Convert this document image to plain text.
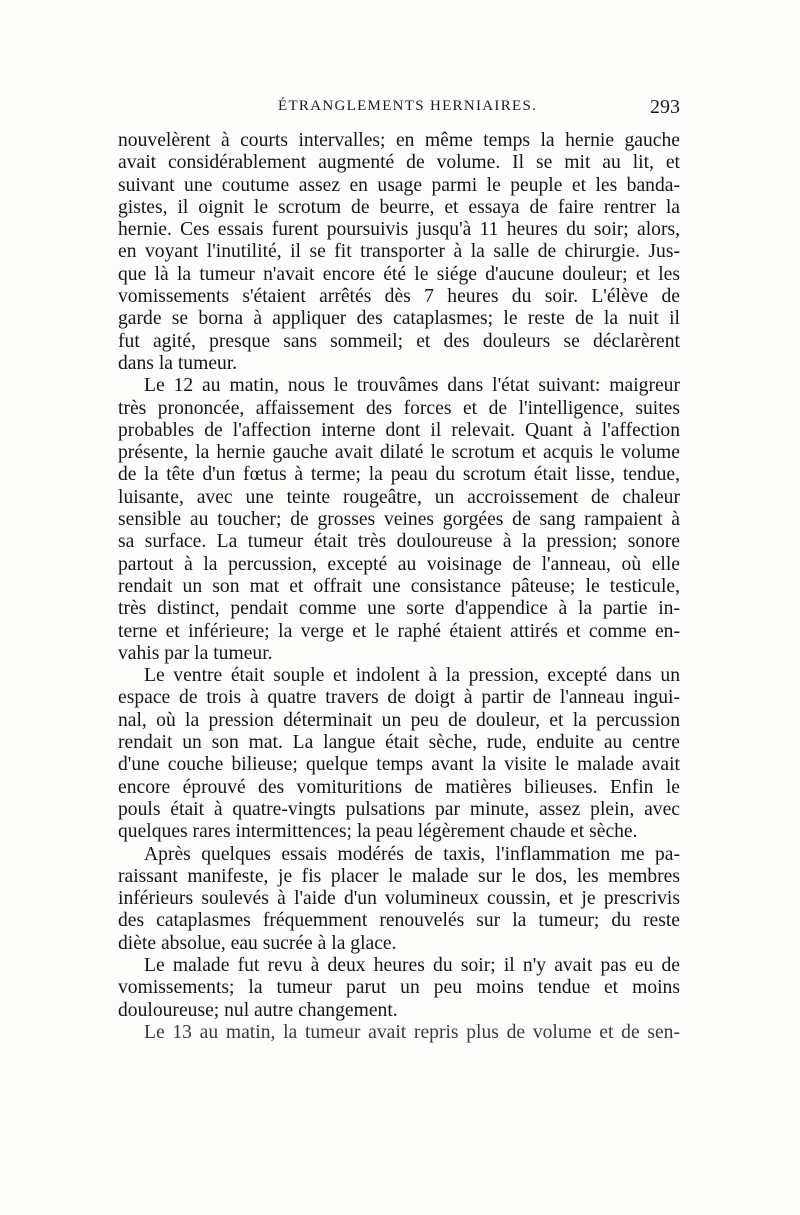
ÉTRANGLEMENTS HERNIAIRES.	293
nouvelèrent à courts intervalles; en même temps la hernie gauche
avait considérablement augmenté de volume. Il se mit au lit, et
suivant une coutume assez en usage parmi le peuple et les banda-
gistes, il oignit le scrotum de beurre, et essaya de faire rentrer la
hernie. Ces essais furent poursuivis jusqu'à 11 heures du soir; alors,
en voyant l'inutilité, il se fit transporter à la salle de chirurgie. Jus-
que là la tumeur n'avait encore été le siége d'aucune douleur; et les
vomissements s'étaient arrêtés dès 7 heures du soir. L'élève de
garde se borna à appliquer des cataplasmes; le reste de la nuit il
fut agité, presque sans sommeil; et des douleurs se déclarèrent
dans la tumeur.
Le 12 au matin, nous le trouvâmes dans l'état suivant: maigreur
très prononcée, affaissement des forces et de l'intelligence, suites
probables de l'affection interne dont il relevait. Quant à l'affection
présente, la hernie gauche avait dilaté le scrotum et acquis le volume
de la tête d'un fœtus à terme; la peau du scrotum était lisse, tendue,
luisante, avec une teinte rougeâtre, un accroissement de chaleur
sensible au toucher; de grosses veines gorgées de sang rampaient à
sa surface. La tumeur était très douloureuse à la pression; sonore
partout à la percussion, excepté au voisinage de l'anneau, où elle
rendait un son mat et offrait une consistance pâteuse; le testicule,
très distinct, pendait comme une sorte d'appendice à la partie in-
terne et inférieure; la verge et le raphé étaient attirés et comme en-
vahis par la tumeur.
Le ventre était souple et indolent à la pression, excepté dans un
espace de trois à quatre travers de doigt à partir de l'anneau ingui-
nal, où la pression déterminait un peu de douleur, et la percussion
rendait un son mat. La langue était sèche, rude, enduite au centre
d'une couche bilieuse; quelque temps avant la visite le malade avait
encore éprouvé des vomituritions de matières bilieuses. Enfin le
pouls était à quatre-vingts pulsations par minute, assez plein, avec
quelques rares intermittences; la peau légèrement chaude et sèche.
Après quelques essais modérés de taxis, l'inflammation me pa-
raissant manifeste, je fis placer le malade sur le dos, les membres
inférieurs soulevés à l'aide d'un volumineux coussin, et je prescrivis
des cataplasmes fréquemment renouvelés sur la tumeur; du reste
diète absolue, eau sucrée à la glace.
Le malade fut revu à deux heures du soir; il n'y avait pas eu de
vomissements; la tumeur parut un peu moins tendue et moins
douloureuse; nul autre changement.
Le 13 au matin, la tumeur avait repris plus de volume et de sen-
